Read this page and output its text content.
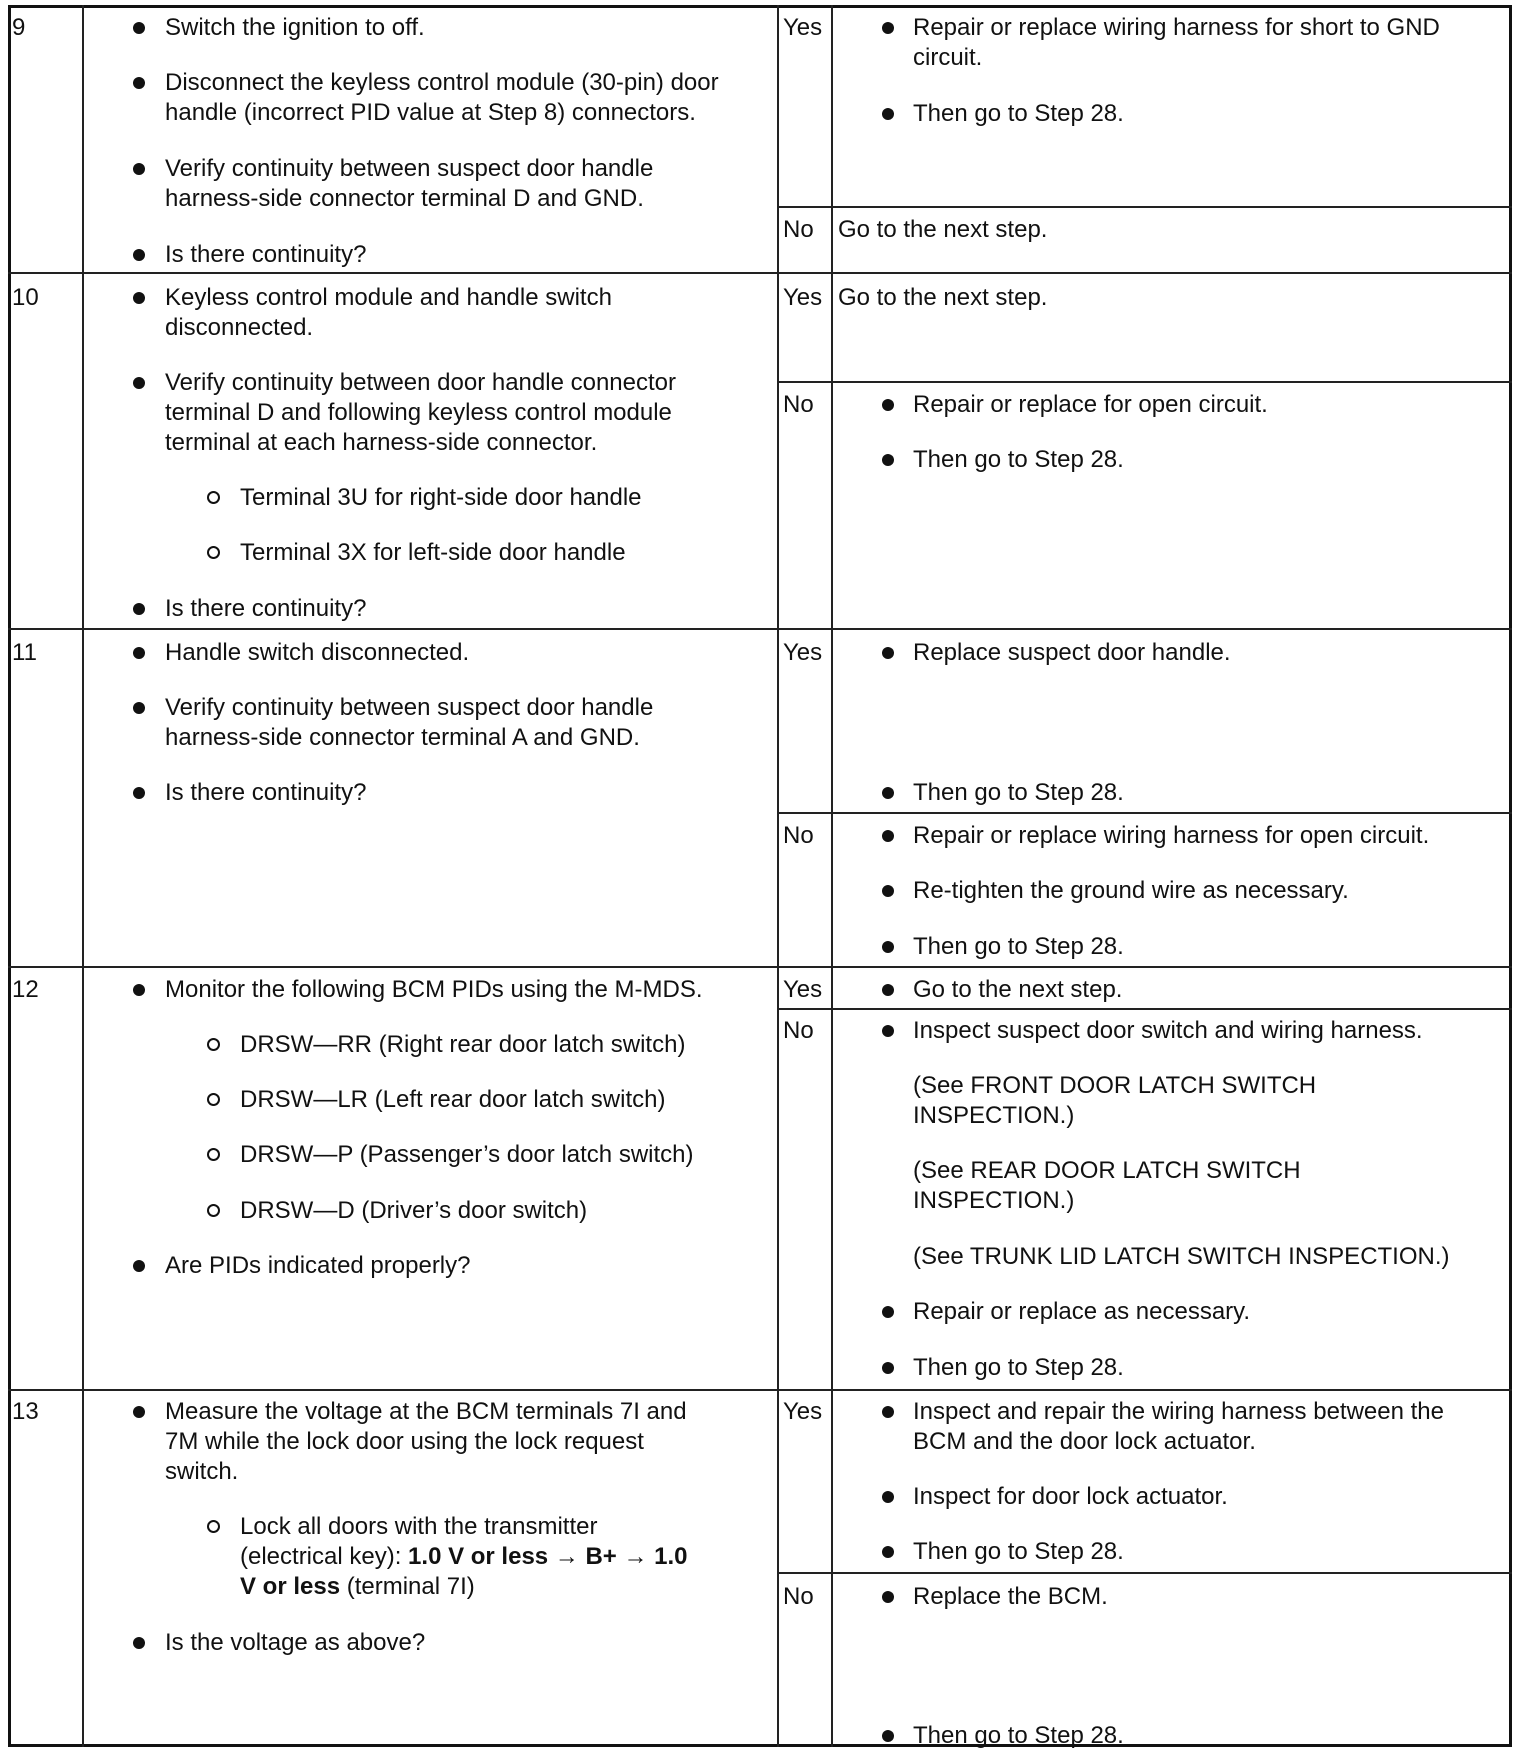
9	Switch the ignition to off.
Disconnect the keyless control module (30-pin) door
handle (incorrect PID value at Step 8) connectors.
Verify continuity between suspect door handle
harness-side connector terminal D and GND.
Is there continuity?
Yes	Repair or replace wiring harness for short to GND
circuit.
Then go to Step 28.
No Go to the next step.
10	Keyless control module and handle switch
disconnected.
Verify continuity between door handle connector
terminal D and following keyless control module
terminal at each harness-side connector.
Terminal 3U for right-side door handle
Terminal 3X for left-side door handle
Is there continuity?
Yes Go to the next step.
No	Repair or replace for open circuit.
Then go to Step 28.
11	Handle switch disconnected.
Verify continuity between suspect door handle
harness-side connector terminal A and GND.
Is there continuity?
Yes	Replace suspect door handle.
Then go to Step 28.
No	Repair or replace wiring harness for open circuit.
Re-tighten the ground wire as necessary.
Then go to Step 28.
12	Monitor the following BCM PIDs using the M-MDS.
DRSW—RR (Right rear door latch switch)
DRSW—LR (Left rear door latch switch)
DRSW—P (Passenger’s door latch switch)
DRSW—D (Driver’s door switch)
Are PIDs indicated properly?
Yes	Go to the next step.
No	Inspect suspect door switch and wiring harness.
(See FRONT DOOR LATCH SWITCH
INSPECTION.)
(See REAR DOOR LATCH SWITCH
INSPECTION.)
(See TRUNK LID LATCH SWITCH INSPECTION.)
Repair or replace as necessary.
Then go to Step 28.
13	Measure the voltage at the BCM terminals 7I and
7M while the lock door using the lock request
switch.
Lock all doors with the transmitter
(electrical key): 1.0 V or less → B+ → 1.0
V or less (terminal 7I)
Is the voltage as above?
Yes	Inspect and repair the wiring harness between the
BCM and the door lock actuator.
Inspect for door lock actuator.
Then go to Step 28.
No	Replace the BCM.
Then go to Step 28.
